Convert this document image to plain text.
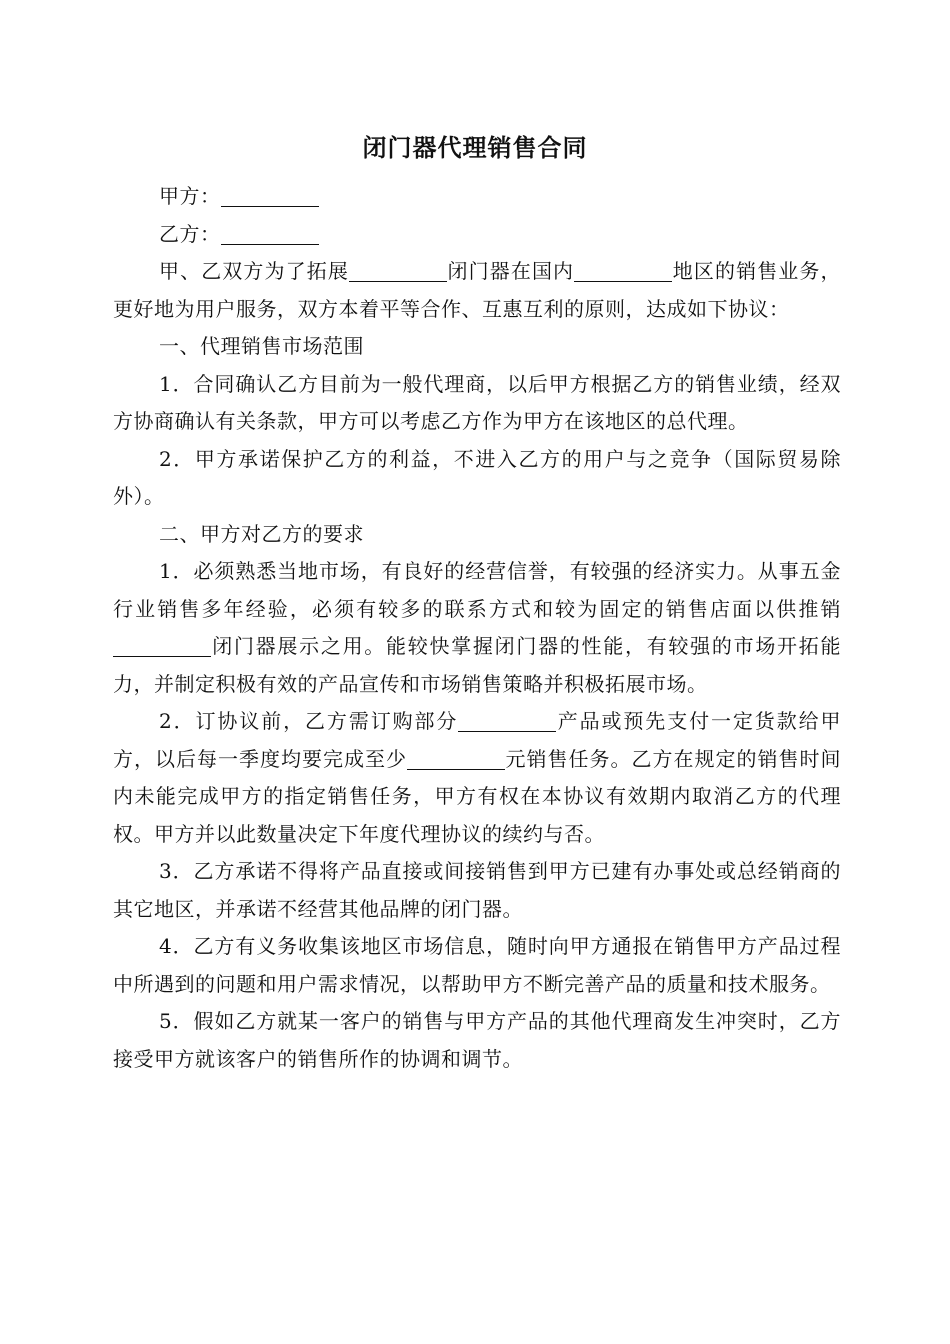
闭门器代理销售合同

甲方：

乙方：

甲、乙双方为了拓展	闭门器在国内	地区的销售业务，更好地为用户服务，双方本着平等合作、互惠互利的原则，达成如下协议：

一、代理销售市场范围

1．合同确认乙方目前为一般代理商，以后甲方根据乙方的销售业绩，经双方协商确认有关条款，甲方可以考虑乙方作为甲方在该地区的总代理。

2．甲方承诺保护乙方的利益，不进入乙方的用户与之竞争（国际贸易除外）。

二、甲方对乙方的要求

1．必须熟悉当地市场，有良好的经营信誉，有较强的经济实力。从事五金行业销售多年经验，必须有较多的联系方式和较为固定的销售店面以供推销闭门器展示之用。能较快掌握闭门器的性能，有较强的市场开拓能力，并制定积极有效的产品宣传和市场销售策略并积极拓展市场。

2．订协议前，乙方需订购部分	产品或预先支付一定货款给甲方，以后每一季度均要完成至少	元销售任务。乙方在规定的销售时间内未能完成甲方的指定销售任务，甲方有权在本协议有效期内取消乙方的代理权。甲方并以此数量决定下年度代理协议的续约与否。

3．乙方承诺不得将产品直接或间接销售到甲方已建有办事处或总经销商的其它地区，并承诺不经营其他品牌的闭门器。

4．乙方有义务收集该地区市场信息，随时向甲方通报在销售甲方产品过程中所遇到的问题和用户需求情况，以帮助甲方不断完善产品的质量和技术服务。

5．假如乙方就某一客户的销售与甲方产品的其他代理商发生冲突时，乙方接受甲方就该客户的销售所作的协调和调节。
